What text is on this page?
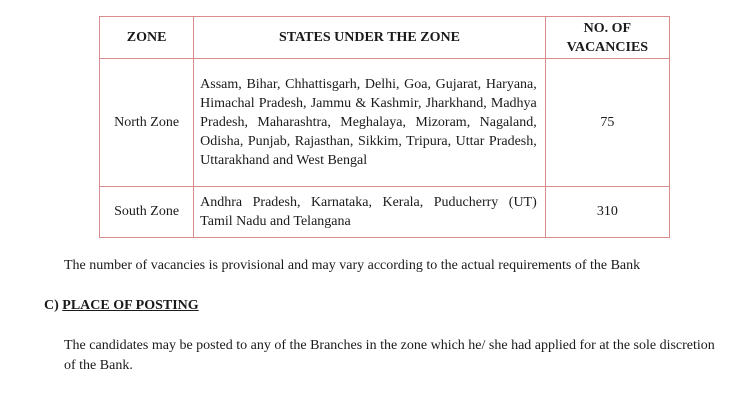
ZONE	STATES UNDER THE ZONE	NO. OF
VACANCIES
North Zone	Assam, Bihar, Chhattisgarh, Delhi, Goa, Gujarat, Haryana, Himachal Pradesh, Jammu & Kashmir, Jharkhand, Madhya Pradesh, Maharashtra, Meghalaya, Mizoram, Nagaland, Odisha, Punjab, Rajasthan, Sikkim, Tripura, Uttar Pradesh, Uttarakhand and West Bengal	75
South Zone	Andhra Pradesh, Karnataka, Kerala, Puducherry (UT) Tamil Nadu and Telangana	310

The number of vacancies is provisional and may vary according to the actual requirements of the Bank

C) PLACE OF POSTING

The candidates may be posted to any of the Branches in the zone which he/ she had applied for at the sole discretion of the Bank.
